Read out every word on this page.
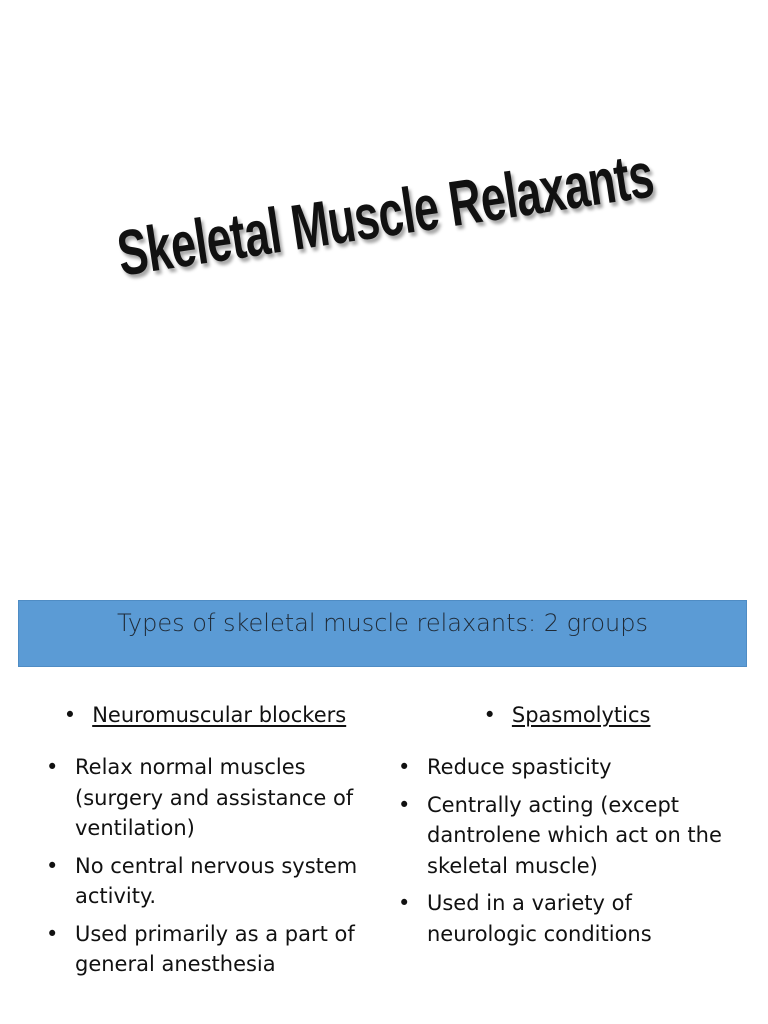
Skeletal Muscle Relaxants
Types of skeletal muscle relaxants: 2 groups
• Neuromuscular blockers
• Relax normal muscles (surgery and assistance of ventilation)
• No central nervous system activity.
• Used primarily as a part of general anesthesia
• Spasmolytics
• Reduce spasticity
• Centrally acting (except dantrolene which act on the skeletal muscle)
• Used in a variety of neurologic conditions
